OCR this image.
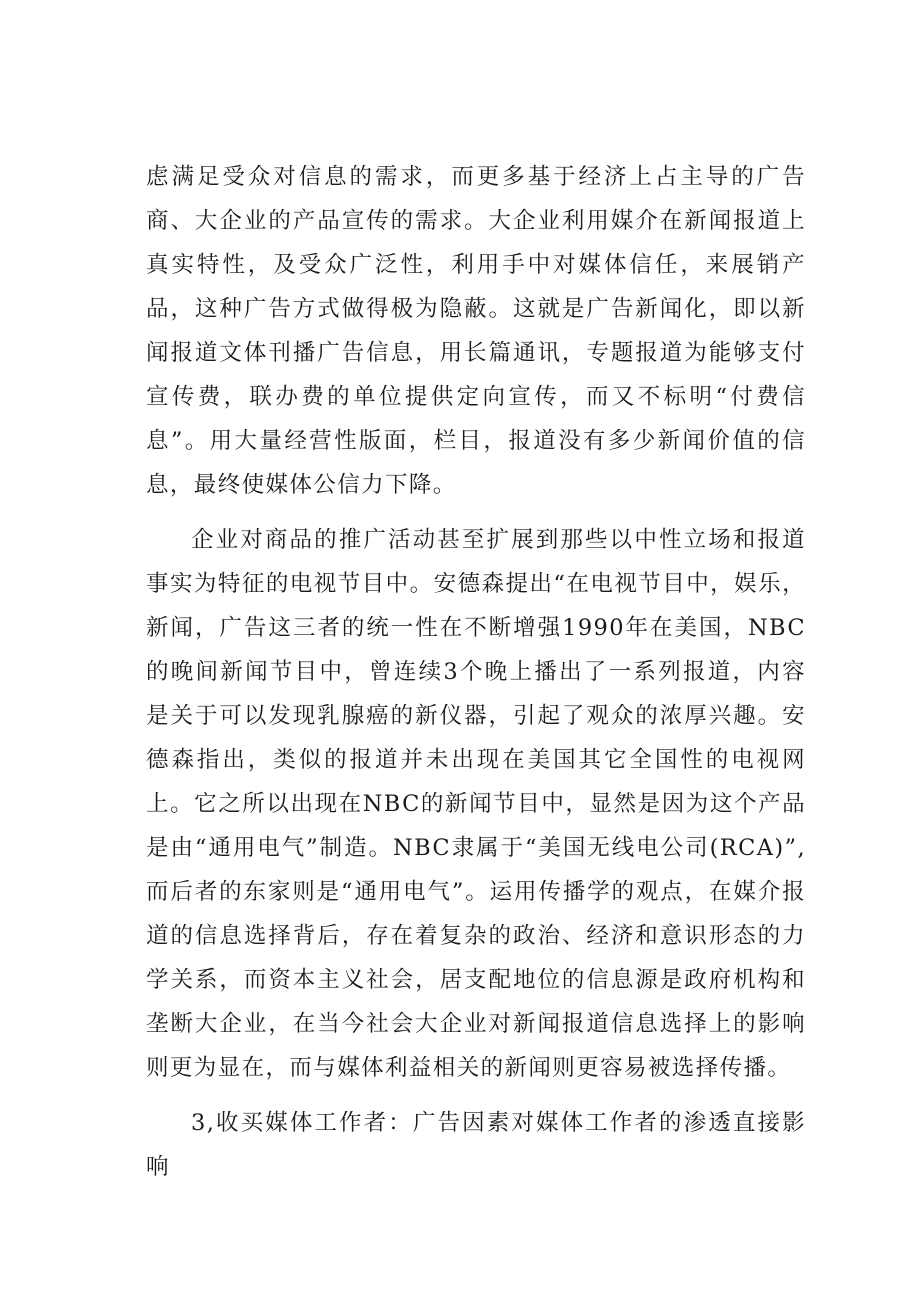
虑满足受众对信息的需求，而更多基于经济上占主导的广告商、大企业的产品宣传的需求。大企业利用媒介在新闻报道上真实特性，及受众广泛性，利用手中对媒体信任，来展销产品，这种广告方式做得极为隐蔽。这就是广告新闻化，即以新闻报道文体刊播广告信息，用长篇通讯，专题报道为能够支付宣传费，联办费的单位提供定向宣传，而又不标明“付费信息”。用大量经营性版面，栏目，报道没有多少新闻价值的信息，最终使媒体公信力下降。

企业对商品的推广活动甚至扩展到那些以中性立场和报道事实为特征的电视节目中。安德森提出“在电视节目中，娱乐，新闻，广告这三者的统一性在不断增强1990年在美国，NBC的晚间新闻节目中，曾连续3个晚上播出了一系列报道，内容是关于可以发现乳腺癌的新仪器，引起了观众的浓厚兴趣。安德森指出，类似的报道并未出现在美国其它全国性的电视网上。它之所以出现在NBC的新闻节目中，显然是因为这个产品是由“通用电气”制造。NBC隶属于“美国无线电公司(RCA)”,而后者的东家则是“通用电气”。运用传播学的观点，在媒介报道的信息选择背后，存在着复杂的政治、经济和意识形态的力学关系，而资本主义社会，居支配地位的信息源是政府机构和垄断大企业，在当今社会大企业对新闻报道信息选择上的影响则更为显在，而与媒体利益相关的新闻则更容易被选择传播。

3,收买媒体工作者：广告因素对媒体工作者的渗透直接影响
